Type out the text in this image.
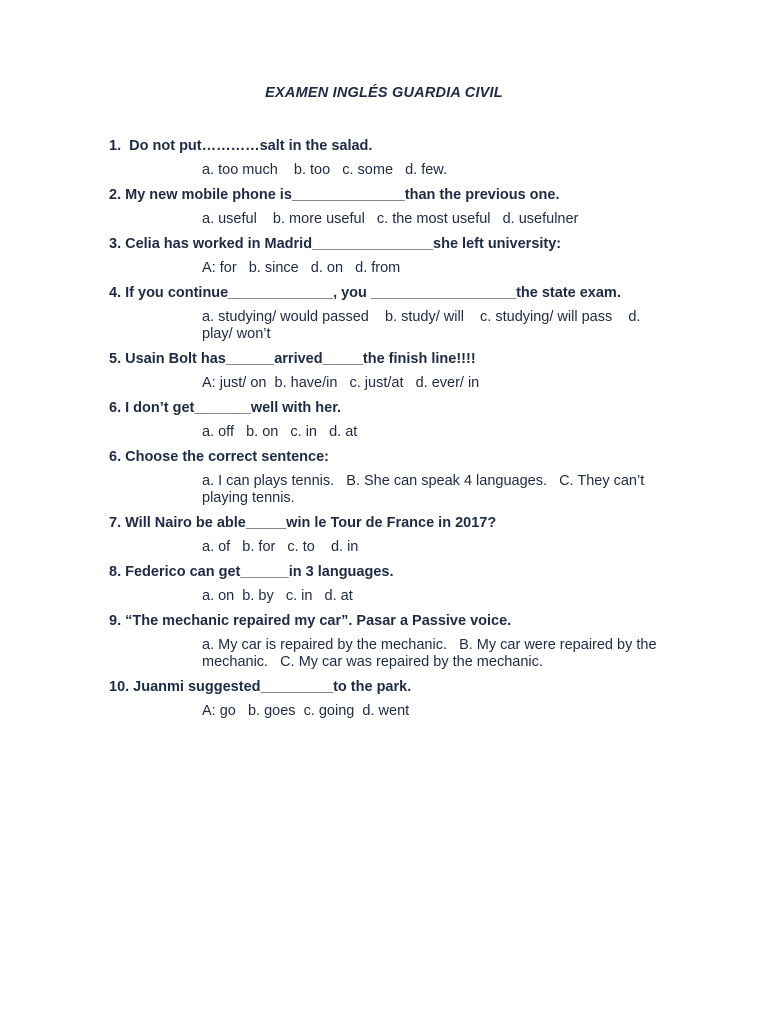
EXAMEN INGLÉS GUARDIA CIVIL
1.  Do not put…………salt in the salad.
a. too much    b. too   c. some   d. few.
2. My new mobile phone is______________than the previous one.
a. useful    b. more useful   c. the most useful   d. usefulner
3. Celia has worked in Madrid_______________she left university:
A: for   b. since   d. on   d. from
4. If you continue_____________, you __________________the state exam.
a. studying/ would passed    b. study/ will    c. studying/ will pass    d. play/ won’t
5. Usain Bolt has______arrived_____the finish line!!!!
A: just/ on  b. have/in   c. just/at   d. ever/ in
6. I don’t get_______well with her.
a. off   b. on   c. in   d. at
6. Choose the correct sentence:
a. I can plays tennis.   B. She can speak 4 languages.   C. They can’t playing tennis.
7. Will Nairo be able_____win le Tour de France in 2017?
a. of   b. for   c. to    d. in
8. Federico can get______in 3 languages.
a. on  b. by   c. in   d. at
9. “The mechanic repaired my car”. Pasar a Passive voice.
a. My car is repaired by the mechanic.   B. My car were repaired by the mechanic.   C. My car was repaired by the mechanic.
10. Juanmi suggested_________to the park.
A: go   b. goes  c. going  d. went
